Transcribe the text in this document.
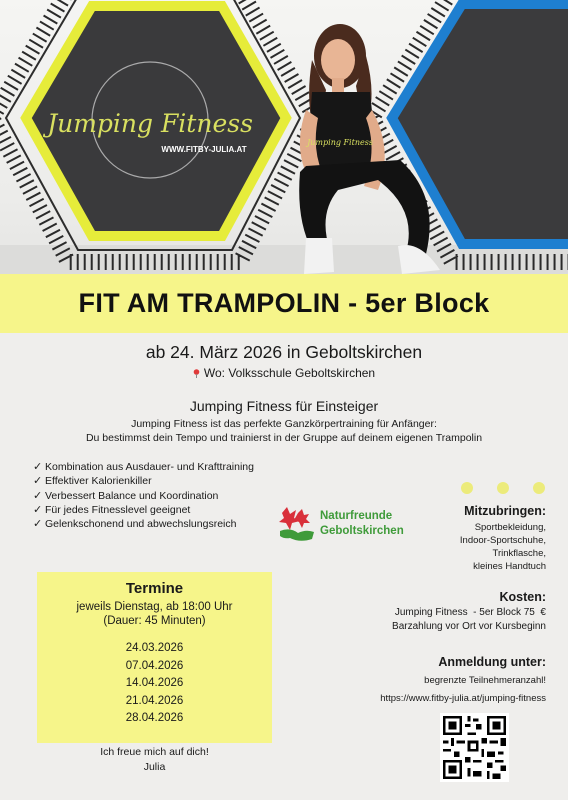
Jumping Fitness
WWW.FITBY-JULIA.AT
Jumping Fitness
FIT AM TRAMPOLIN - 5er Block
ab 24. März 2026 in Geboltskirchen
Wo: Volksschule Geboltskirchen
Jumping Fitness für Einsteiger
Jumping Fitness ist das perfekte Ganzkörpertraining für Anfänger:
Du bestimmst dein Tempo und trainierst in der Gruppe auf deinem eigenen Trampolin
✓ Kombination aus Ausdauer- und Krafttraining
✓ Effektiver Kalorienkiller
✓ Verbessert Balance und Koordination
✓ Für jedes Fitnesslevel geeignet
✓ Gelenkschonend und abwechslungsreich
Naturfreunde
Geboltskirchen
Mitzubringen:
Sportbekleidung,
Indoor-Sportschuhe,
Trinkflasche,
kleines Handtuch
Kosten:
Jumping Fitness  - 5er Block 75  €
Barzahlung vor Ort vor Kursbeginn
Anmeldung unter:
begrenzte Teilnehmeranzahl!
https://www.fitby-julia.at/jumping-fitness
Termine
jeweils Dienstag, ab 18:00 Uhr
(Dauer: 45 Minuten)
24.03.2026
07.04.2026
14.04.2026
21.04.2026
28.04.2026
Ich freue mich auf dich!
Julia
